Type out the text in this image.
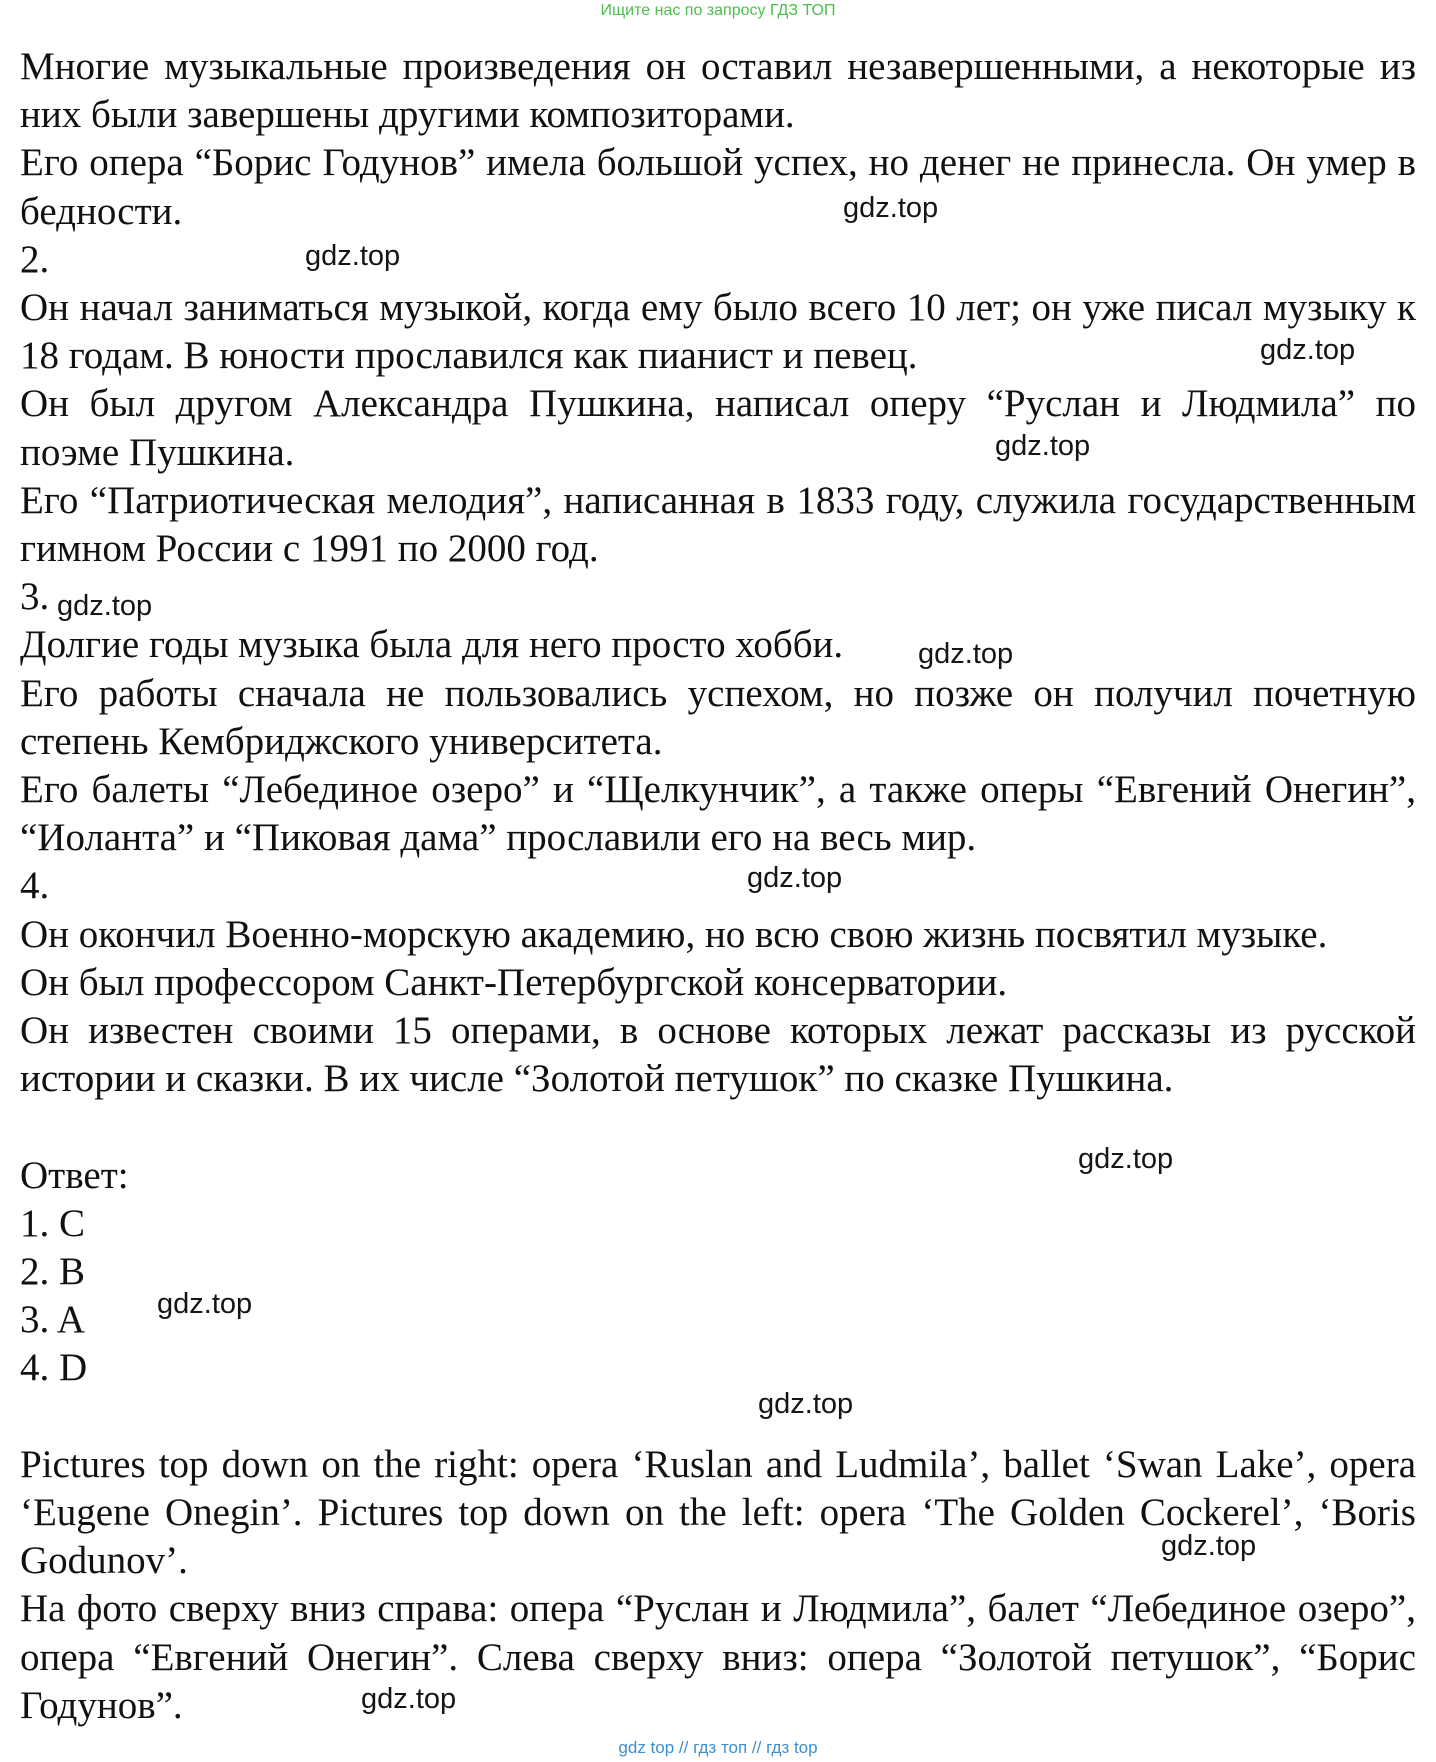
Ищите нас по запросу ГДЗ ТОП

Многие музыкальные произведения он оставил незавершенными, а некоторые из них были завершены другими композиторами.

Его опера “Борис Годунов” имела большой успех, но денег не принесла. Он умер в бедности.

2.

Он начал заниматься музыкой, когда ему было всего 10 лет; он уже писал музыку к 18 годам. В юности прославился как пианист и певец.

Он был другом Александра Пушкина, написал оперу “Руслан и Людмила” по поэме Пушкина.

Его “Патриотическая мелодия”, написанная в 1833 году, служила государственным гимном России с 1991 по 2000 год.

3.

Долгие годы музыка была для него просто хобби.

Его работы сначала не пользовались успехом, но позже он получил почетную степень Кембриджского университета.

Его балеты “Лебединое озеро” и “Щелкунчик”, а также оперы “Евгений Онегин”, “Иоланта” и “Пиковая дама” прославили его на весь мир.

4.

Он окончил Военно-морскую академию, но всю свою жизнь посвятил музыке.

Он был профессором Санкт-Петербургской консерватории.

Он известен своими 15 операми, в основе которых лежат рассказы из русской истории и сказки. В их числе “Золотой петушок” по сказке Пушкина.

Ответ:

1. C

2. B

3. A

4. D

Pictures top down on the right: opera ‘Ruslan and Ludmila’, ballet ‘Swan Lake’, opera ‘Eugene Onegin’. Pictures top down on the left: opera ‘The Golden Cockerel’, ‘Boris Godunov’.

На фото сверху вниз справа: опера “Руслан и Людмила”, балет “Лебединое озеро”, опера “Евгений Онегин”. Слева сверху вниз: опера “Золотой петушок”, “Борис Годунов”.

gdz.top
gdz.top
gdz.top
gdz.top
gdz.top
gdz.top
gdz.top
gdz.top
gdz.top
gdz.top
gdz.top
gdz.top
gdz top // гдз топ // гдз top
